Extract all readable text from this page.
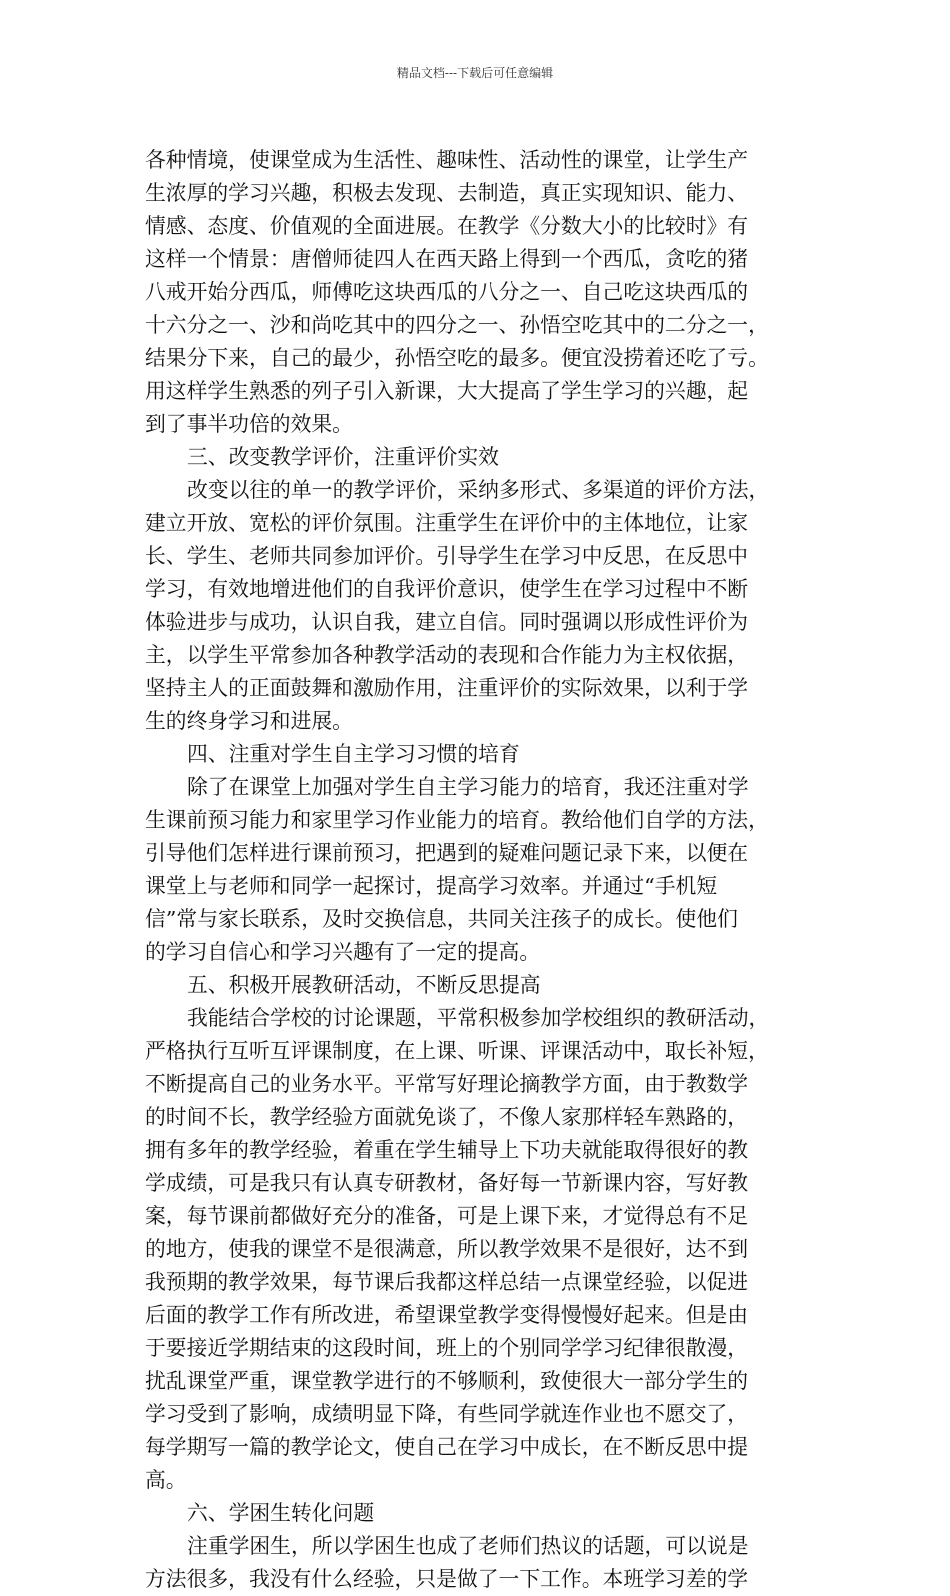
精品文档---下载后可任意编辑
各种情境，使课堂成为生活性、趣味性、活动性的课堂，让学生产
生浓厚的学习兴趣，积极去发现、去制造，真正实现知识、能力、
情感、态度、价值观的全面进展。在教学《分数大小的比较时》有
这样一个情景：唐僧师徒四人在西天路上得到一个西瓜，贪吃的猪
八戒开始分西瓜，师傅吃这块西瓜的八分之一、自己吃这块西瓜的
十六分之一、沙和尚吃其中的四分之一、孙悟空吃其中的二分之一，
结果分下来，自己的最少，孙悟空吃的最多。便宜没捞着还吃了亏。
用这样学生熟悉的列子引入新课，大大提高了学生学习的兴趣，起
到了事半功倍的效果。
三、改变教学评价，注重评价实效
改变以往的单一的教学评价，采纳多形式、多渠道的评价方法，
建立开放、宽松的评价氛围。注重学生在评价中的主体地位，让家
长、学生、老师共同参加评价。引导学生在学习中反思，在反思中
学习，有效地增进他们的自我评价意识，使学生在学习过程中不断
体验进步与成功，认识自我，建立自信。同时强调以形成性评价为
主，以学生平常参加各种教学活动的表现和合作能力为主权依据，
坚持主人的正面鼓舞和激励作用，注重评价的实际效果，以利于学
生的终身学习和进展。
四、注重对学生自主学习习惯的培育
除了在课堂上加强对学生自主学习能力的培育，我还注重对学
生课前预习能力和家里学习作业能力的培育。教给他们自学的方法，
引导他们怎样进行课前预习，把遇到的疑难问题记录下来，以便在
课堂上与老师和同学一起探讨，提高学习效率。并通过“手机短
信”常与家长联系，及时交换信息，共同关注孩子的成长。使他们
的学习自信心和学习兴趣有了一定的提高。
五、积极开展教研活动，不断反思提高
我能结合学校的讨论课题，平常积极参加学校组织的教研活动，
严格执行互听互评课制度，在上课、听课、评课活动中，取长补短，
不断提高自己的业务水平。平常写好理论摘教学方面，由于教数学
的时间不长，教学经验方面就免谈了，不像人家那样轻车熟路的，
拥有多年的教学经验，着重在学生辅导上下功夫就能取得很好的教
学成绩，可是我只有认真专研教材，备好每一节新课内容，写好教
案，每节课前都做好充分的准备，可是上课下来，才觉得总有不足
的地方，使我的课堂不是很满意，所以教学效果不是很好，达不到
我预期的教学效果，每节课后我都这样总结一点课堂经验，以促进
后面的教学工作有所改进，希望课堂教学变得慢慢好起来。但是由
于要接近学期结束的这段时间，班上的个别同学学习纪律很散漫，
扰乱课堂严重，课堂教学进行的不够顺利，致使很大一部分学生的
学习受到了影响，成绩明显下降，有些同学就连作业也不愿交了，
每学期写一篇的教学论文，使自己在学习中成长，在不断反思中提
高。
六、学困生转化问题
注重学困生，所以学困生也成了老师们热议的话题，可以说是
方法很多，我没有什么经验，只是做了一下工作。本班学习差的学
